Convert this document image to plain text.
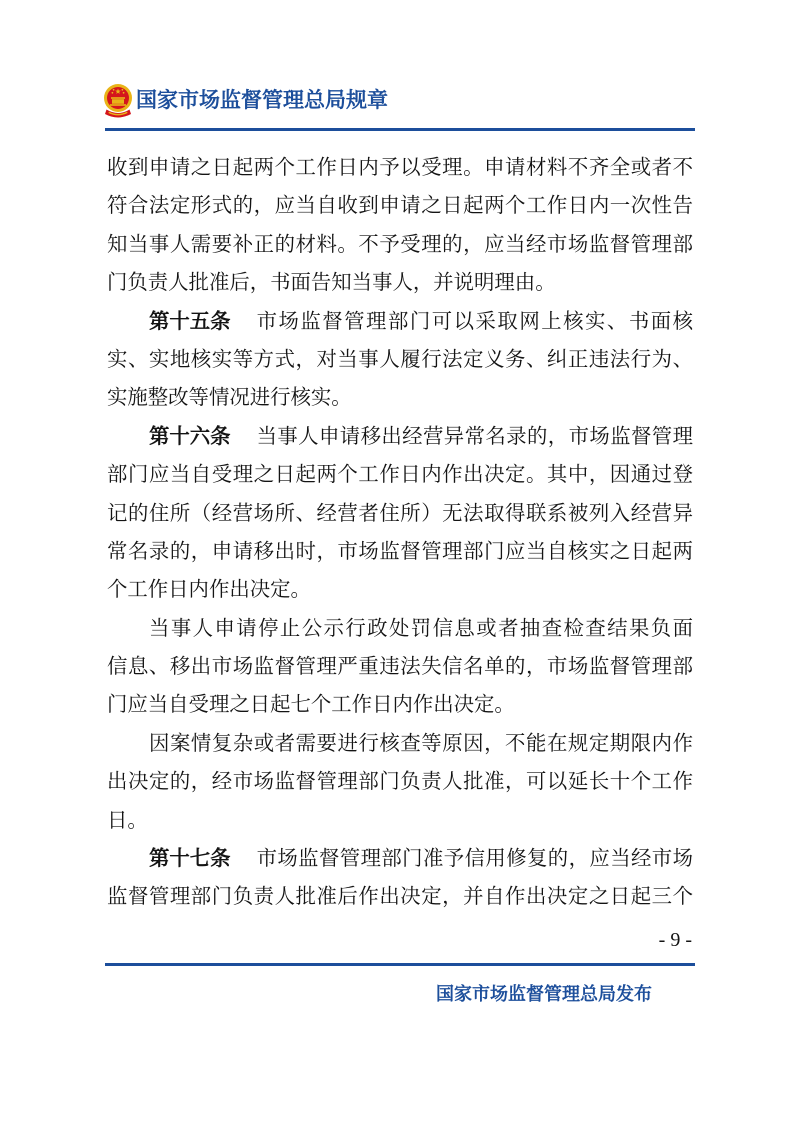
国家市场监督管理总局规章
收到申请之日起两个工作日内予以受理。申请材料不齐全或者不
符合法定形式的，应当自收到申请之日起两个工作日内一次性告
知当事人需要补正的材料。不予受理的，应当经市场监督管理部
门负责人批准后，书面告知当事人，并说明理由。
第十五条 市场监督管理部门可以采取网上核实、书面核
实、实地核实等方式，对当事人履行法定义务、纠正违法行为、
实施整改等情况进行核实。
第十六条 当事人申请移出经营异常名录的，市场监督管理
部门应当自受理之日起两个工作日内作出决定。其中，因通过登
记的住所（经营场所、经营者住所）无法取得联系被列入经营异
常名录的，申请移出时，市场监督管理部门应当自核实之日起两
个工作日内作出决定。
当事人申请停止公示行政处罚信息或者抽查检查结果负面
信息、移出市场监督管理严重违法失信名单的，市场监督管理部
门应当自受理之日起七个工作日内作出决定。
因案情复杂或者需要进行核查等原因，不能在规定期限内作
出决定的，经市场监督管理部门负责人批准，可以延长十个工作
日。
第十七条 市场监督管理部门准予信用修复的，应当经市场
监督管理部门负责人批准后作出决定，并自作出决定之日起三个
- 9 -
国家市场监督管理总局发布
